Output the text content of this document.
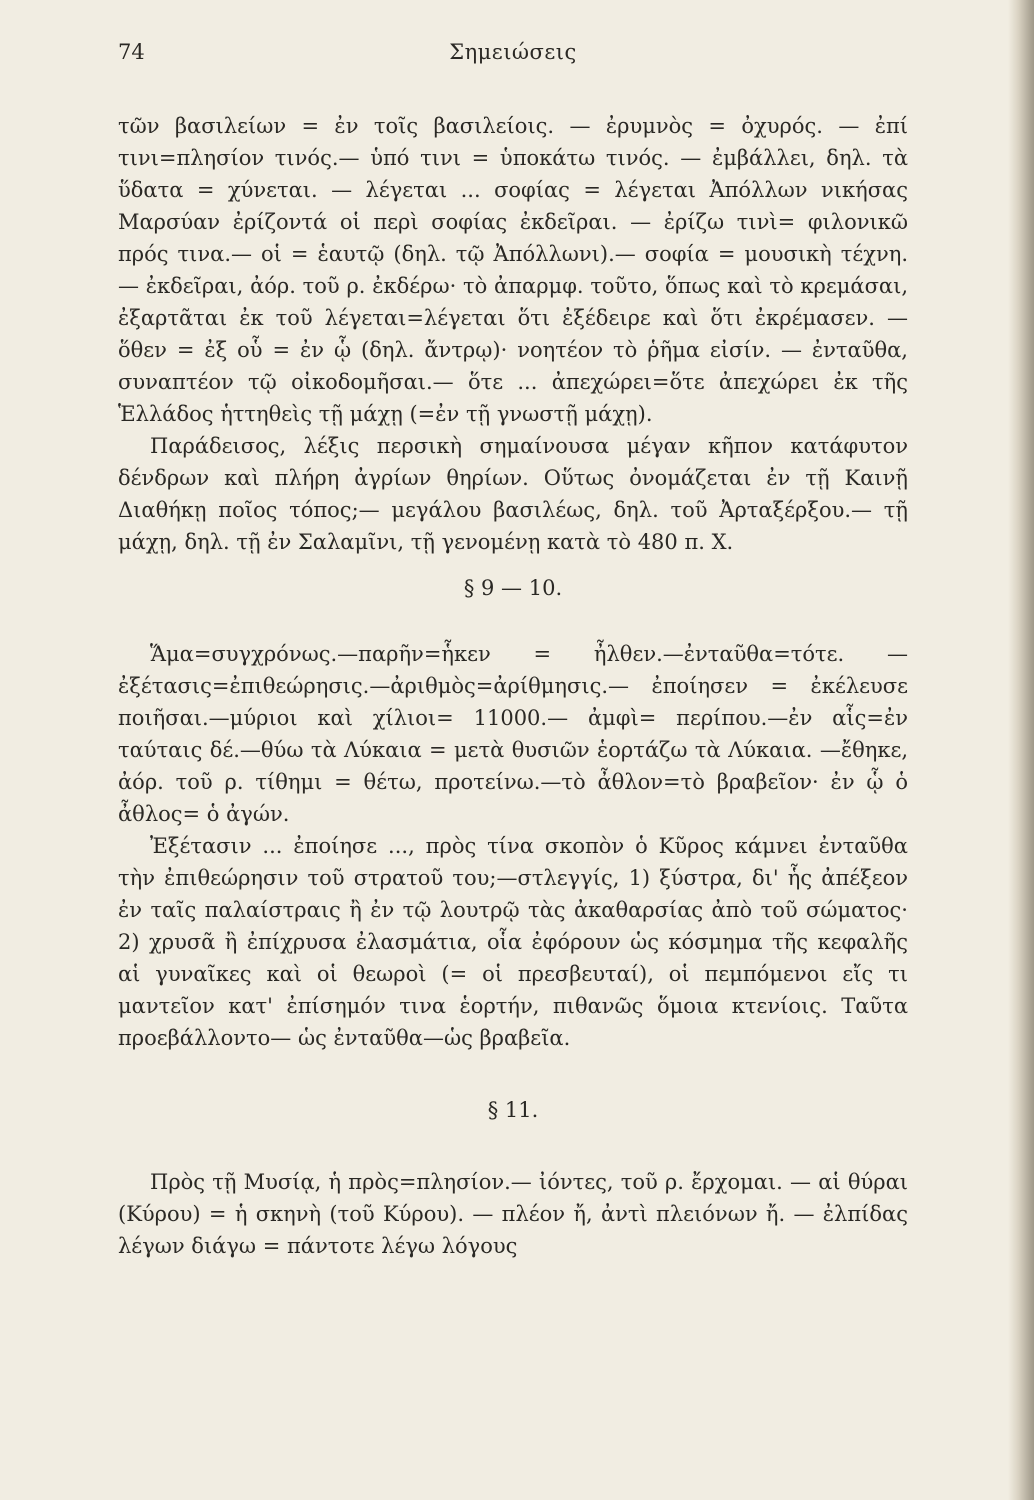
74	Σημειώσεις

τῶν βασιλείων = ἐν τοῖς βασιλείοις. — ἐρυμνὸς = ὀχυρός. — ἐπί τινι=πλησίον τινός.— ὑπό τινι = ὑποκάτω τινός. — ἐμβάλλει, δηλ. τὰ ὕδατα = χύνεται. — λέγεται ... σοφίας = λέγεται Ἀπόλλων νικήσας Μαρσύαν ἐρίζοντά οἱ περὶ σοφίας ἐκδεῖραι. — ἐρίζω τινὶ= φιλονικῶ πρός τινα.— οἱ = ἑαυτῷ (δηλ. τῷ Ἀπόλλωνι).— σοφία = μουσικὴ τέχνη. — ἐκδεῖραι, ἀόρ. τοῦ ρ. ἐκδέρω· τὸ ἀπαρμφ. τοῦτο, ὅπως καὶ τὸ κρεμάσαι, ἐξαρτᾶται ἐκ τοῦ λέγεται=λέγεται ὅτι ἐξέδειρε καὶ ὅτι ἐκρέμασεν. — ὅθεν = ἐξ οὗ = ἐν ᾧ (δηλ. ἄντρῳ)· νοητέον τὸ ῥῆμα εἰσίν. — ἐνταῦθα, συναπτέον τῷ οἰκοδομῆσαι.— ὅτε ... ἀπεχώρει=ὅτε ἀπεχώρει ἐκ τῆς Ἑλλάδος ἡττηθεὶς τῇ μάχῃ (=ἐν τῇ γνωστῇ μάχῃ).

Παράδεισος, λέξις περσικὴ σημαίνουσα μέγαν κῆπον κατάφυτον δένδρων καὶ πλήρη ἀγρίων θηρίων. Οὕτως ὀνομάζεται ἐν τῇ Καινῇ Διαθήκῃ ποῖος τόπος;— μεγάλου βασιλέως, δηλ. τοῦ Ἀρταξέρξου.— τῇ μάχῃ, δηλ. τῇ ἐν Σαλαμῖνι, τῇ γενομένῃ κατὰ τὸ 480 π. Χ.

§ 9 — 10.

Ἅμα=συγχρόνως.—παρῆν=ἧκεν = ἦλθεν.—ἐνταῦθα=τότε. —ἐξέτασις=ἐπιθεώρησις.—ἀριθμὸς=ἀρίθμησις.— ἐποίησεν = ἐκέλευσε ποιῆσαι.—μύριοι καὶ χίλιοι= 11000.— ἀμφὶ= περίπου.—ἐν αἷς=ἐν ταύταις δέ.—θύω τὰ Λύκαια = μετὰ θυσιῶν ἑορτάζω τὰ Λύκαια. —ἔθηκε, ἀόρ. τοῦ ρ. τίθημι = θέτω, προτείνω.—τὸ ἆθλον=τὸ βραβεῖον· ἐν ᾧ ὁ ἆθλος= ὁ ἀγών.

Ἐξέτασιν ... ἐποίησε ..., πρὸς τίνα σκοπὸν ὁ Κῦρος κάμνει ἐνταῦθα τὴν ἐπιθεώρησιν τοῦ στρατοῦ του;—στλεγγίς, 1) ξύστρα, δι' ἧς ἀπέξεον ἐν ταῖς παλαίστραις ἢ ἐν τῷ λουτρῷ τὰς ἀκαθαρσίας ἀπὸ τοῦ σώματος· 2) χρυσᾶ ἢ ἐπίχρυσα ἐλασμάτια, οἷα ἐφόρουν ὡς κόσμημα τῆς κεφαλῆς αἱ γυναῖκες καὶ οἱ θεωροὶ (= οἱ πρεσβευταί), οἱ πεμπόμενοι εἴς τι μαντεῖον κατ' ἐπίσημόν τινα ἑορτήν, πιθανῶς ὅμοια κτενίοις. Ταῦτα προεβάλλοντο— ὡς ἐνταῦθα—ὡς βραβεῖα.

§ 11.

Πρὸς τῇ Μυσίᾳ, ἡ πρὸς=πλησίον.— ἰόντες, τοῦ ρ. ἔρχομαι. — αἱ θύραι (Κύρου) = ἡ σκηνὴ (τοῦ Κύρου). — πλέον ἤ, ἀντὶ πλειόνων ἤ. — ἐλπίδας λέγων διάγω = πάντοτε λέγω λόγους
